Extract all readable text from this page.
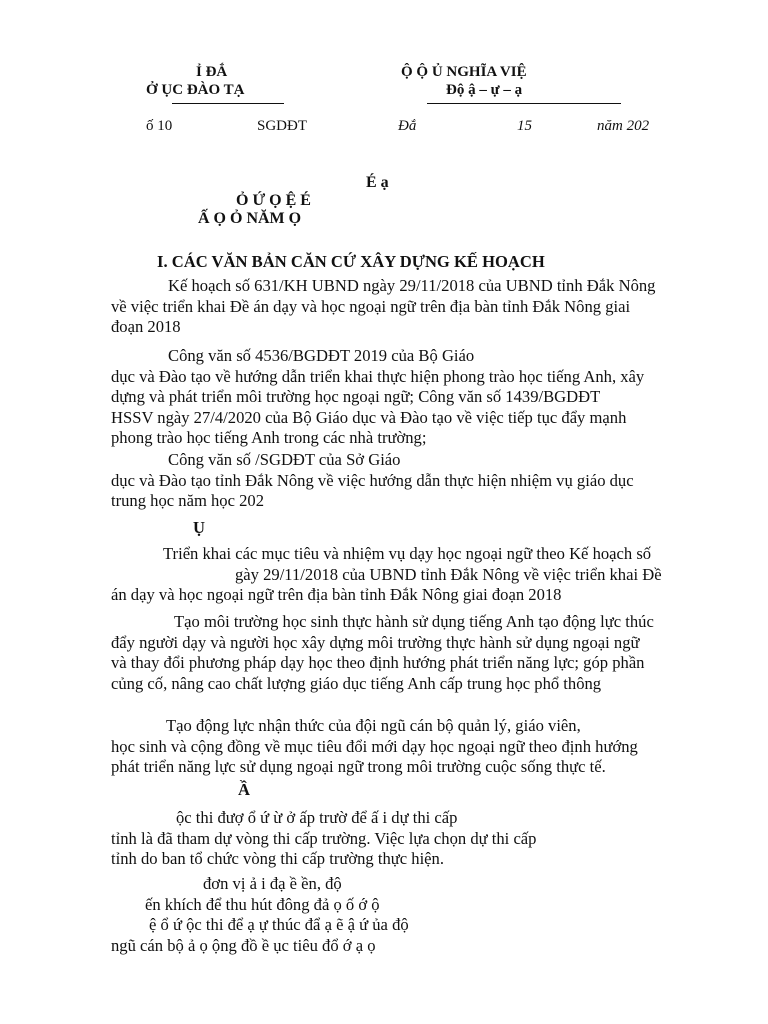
Ỉ ĐẮ
Ở ỤC ĐÀO TẠ
Ộ Ộ Ủ NGHĨA VIỆ
Độ ậ – ự – ạ
ố 10	SGDĐT	Đắ	15	năm 202
É ạ
Ỏ Ứ Ọ Ệ É
Ấ Ọ Ỏ NĂM Ọ
I. CÁC VĂN BẢN CĂN CỨ XÂY DỰNG KẾ HOẠCH
Kế hoạch số 631/KH UBND ngày 29/11/2018 của UBND tỉnh Đắk Nông
về việc triển khai Đề án dạy và học ngoại ngữ trên địa bàn tỉnh Đắk Nông giai
đoạn 2018
Công văn số 4536/BGDĐT 2019 của Bộ Giáo
dục và Đào tạo về hướng dẫn triển khai thực hiện phong trào học tiếng Anh, xây
dựng và phát triển môi trường học ngoại ngữ; Công văn số 1439/BGDĐT
HSSV ngày 27/4/2020 của Bộ Giáo dục và Đào tạo về việc tiếp tục đẩy mạnh
phong trào học tiếng Anh trong các nhà trường;
Công văn số /SGDĐT của Sở Giáo
dục và Đào tạo tỉnh Đắk Nông về việc hướng dẫn thực hiện nhiệm vụ giáo dục
trung học năm học 202
Ụ
Triển khai các mục tiêu và nhiệm vụ dạy học ngoại ngữ theo Kế hoạch số
gày 29/11/2018 của UBND tỉnh Đắk Nông về việc triển khai Đề
án dạy và học ngoại ngữ trên địa bàn tỉnh Đắk Nông giai đoạn 2018
Tạo môi trường học sinh thực hành sử dụng tiếng Anh tạo động lực thúc
đẩy người dạy và người học xây dựng môi trường thực hành sử dụng ngoại ngữ
và thay đổi phương pháp dạy học theo định hướng phát triển năng lực; góp phần
củng cố, nâng cao chất lượng giáo dục tiếng Anh cấp trung học phổ thông
Tạo động lực nhận thức của đội ngũ cán bộ quản lý, giáo viên,
học sinh và cộng đồng về mục tiêu đổi mới dạy học ngoại ngữ theo định hướng
phát triển năng lực sử dụng ngoại ngữ trong môi trường cuộc sống thực tế.
Ầ
ộc thi đượ ổ ứ ừ ở ấp trườ để ấ i dự thi cấp
tỉnh là đã tham dự vòng thi cấp trường. Việc lựa chọn dự thi cấp
tỉnh do ban tổ chức vòng thi cấp trường thực hiện.
đơn vị ả i đạ ề ền, độ
ến khích để thu hút đông đả ọ ố ớ ộ
ệ ổ ứ ộc thi để ạ ự thúc đẩ ạ ẽ ậ ứ ủa độ
ngũ cán bộ ả ọ ộng đồ ề ục tiêu đổ ớ ạ ọ
